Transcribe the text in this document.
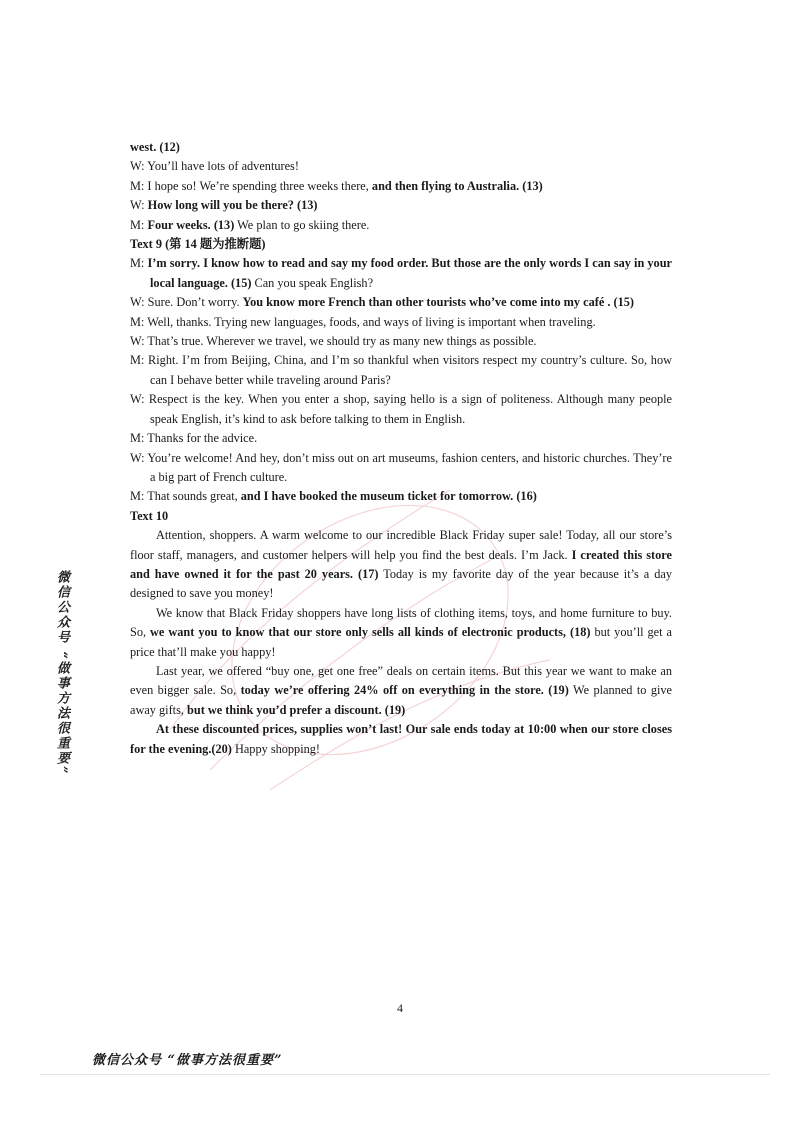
west. (12)

W: You’ll have lots of adventures!

M: I hope so! We’re spending three weeks there, and then flying to Australia. (13)

W: How long will you be there? (13)

M: Four weeks. (13) We plan to go skiing there.

Text 9 (第 14 题为推断题)

M: I’m sorry. I know how to read and say my food order. But those are the only words I can say in your local language. (15) Can you speak English?

W: Sure. Don’t worry. You know more French than other tourists who’ve come into my café . (15)

M: Well, thanks. Trying new languages, foods, and ways of living is important when traveling.

W: That’s true. Wherever we travel, we should try as many new things as possible.

M: Right. I’m from Beijing, China, and I’m so thankful when visitors respect my country’s culture. So, how can I behave better while traveling around Paris?

W: Respect is the key. When you enter a shop, saying hello is a sign of politeness. Although many people speak English, it’s kind to ask before talking to them in English.

M: Thanks for the advice.

W: You’re welcome! And hey, don’t miss out on art museums, fashion centers, and historic churches. They’re a big part of French culture.

M: That sounds great, and I have booked the museum ticket for tomorrow. (16)

Text 10

Attention, shoppers. A warm welcome to our incredible Black Friday super sale! Today, all our store’s floor staff, managers, and customer helpers will help you find the best deals. I’m Jack. I created this store and have owned it for the past 20 years. (17) Today is my favorite day of the year because it’s a day designed to save you money!

We know that Black Friday shoppers have long lists of clothing items, toys, and home furniture to buy. So, we want you to know that our store only sells all kinds of electronic products, (18) but you’ll get a price that’ll make you happy!

Last year, we offered “buy one, get one free” deals on certain items. But this year we want to make an even bigger sale. So, today we’re offering 24% off on everything in the store. (19) We planned to give away gifts, but we think you’d prefer a discount. (19)

At these discounted prices, supplies won’t last! Our sale ends today at 10:00 when our store closes for the evening.(20) Happy shopping!

4
微信公众号 “做事方法很重要”
微信公众号 “做事方法很重要”
